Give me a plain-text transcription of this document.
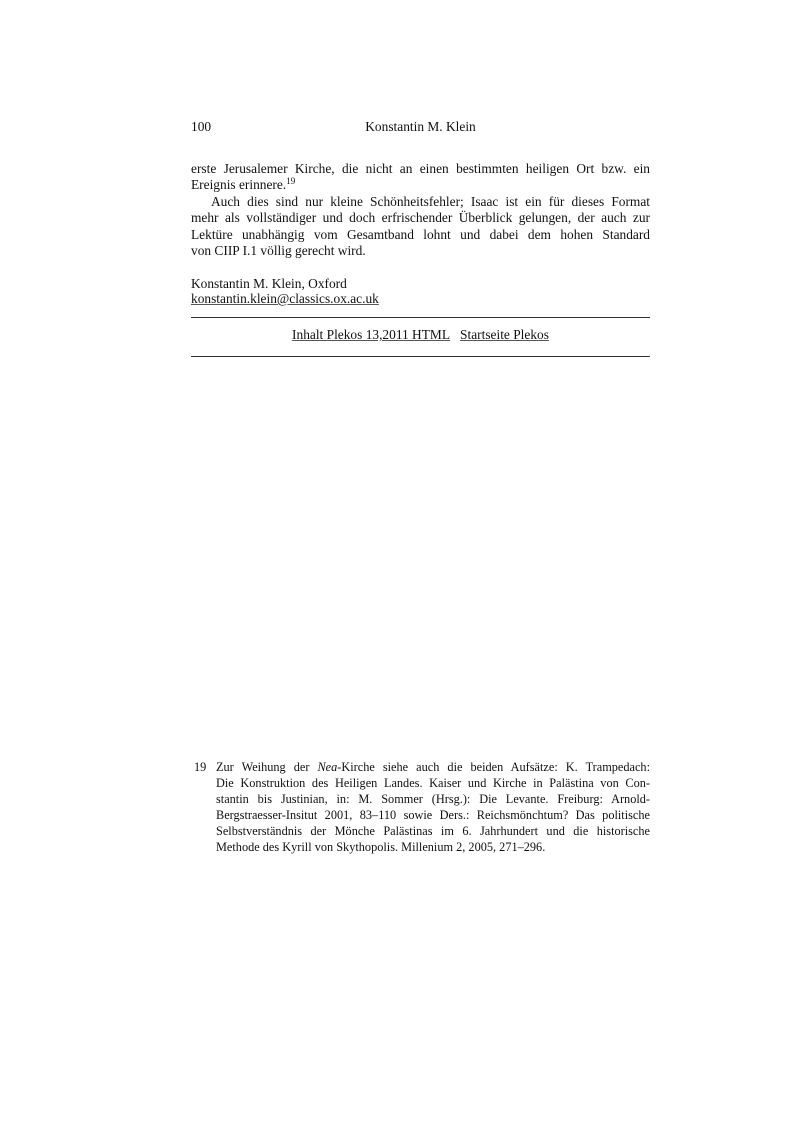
100	Konstantin M. Klein
erste Jerusalemer Kirche, die nicht an einen bestimmten heiligen Ort bzw. ein
Ereignis erinnere.$^{19}$
Auch dies sind nur kleine Schönheitsfehler; Isaac ist ein für dieses Format
mehr als vollständiger und doch erfrischender Überblick gelungen, der auch zur
Lektüre unabhängig vom Gesamtband lohnt und dabei dem hohen Standard
von CIIP I.1 völlig gerecht wird.
Konstantin M. Klein, Oxford
konstantin.klein@classics.ox.ac.uk
Inhalt Plekos 13,2011 HTML Startseite Plekos
19 Zur Weihung der Nea-Kirche siehe auch die beiden Aufsätze: K. Trampedach:
Die Konstruktion des Heiligen Landes. Kaiser und Kirche in Palästina von Con-
stantin bis Justinian, in: M. Sommer (Hrsg.): Die Levante. Freiburg: Arnold-
Bergstraesser-Insitut 2001, 83–110 sowie Ders.: Reichsmönchtum? Das politische
Selbstverständnis der Mönche Palästinas im 6. Jahrhundert und die historische
Methode des Kyrill von Skythopolis. Millenium 2, 2005, 271–296.
